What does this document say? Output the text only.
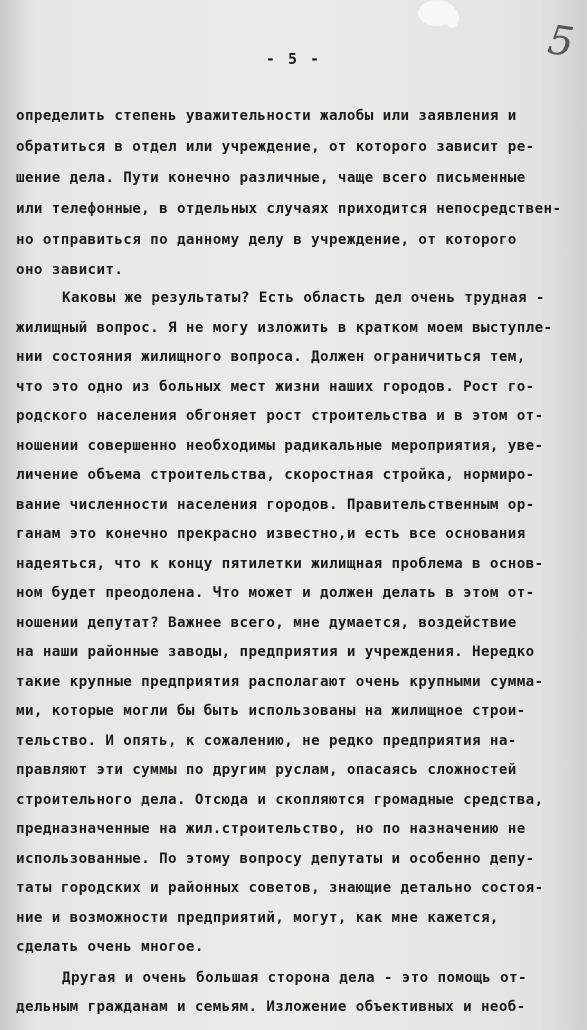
5
- 5 -
определить степень уважительности жалобы или заявления и
обратиться в отдел или учреждение, от которого зависит ре-
шение дела. Пути конечно различные, чаще всего письменные
или телефонные, в отдельных случаях приходится непосредствен-
но отправиться по данному делу в учреждение, от которого
оно зависит.
Каковы же результаты? Есть область дел очень трудная -
жилищный вопрос. Я не могу изложить в кратком моем выступле-
нии состояния жилищного вопроса. Должен ограничиться тем,
что это одно из больных мест жизни наших городов. Рост го-
родского населения обгоняет рост строительства и в этом от-
ношении совершенно необходимы радикальные мероприятия, уве-
личение объема строительства, скоростная стройка, нормиро-
вание численности населения городов. Правительственным ор-
ганам это конечно прекрасно известно,и есть все основания
надеяться, что к концу пятилетки жилищная проблема в основ-
ном будет преодолена. Что может и должен делать в этом от-
ношении депутат? Важнее всего, мне думается, воздействие
на наши районные заводы, предприятия и учреждения. Нередко
такие крупные предприятия располагают очень крупными сумма-
ми, которые могли бы быть использованы на жилищное строи-
тельство. И опять, к сожалению, не редко предприятия на-
правляют эти суммы по другим руслам, опасаясь сложностей
строительного дела. Отсюда и скопляются громадные средства,
предназначенные на жил.строительство, но по назначению не
использованные. По этому вопросу депутаты и особенно депу-
таты городских и районных советов, знающие детально состоя-
ние и возможности предприятий, могут, как мне кажется,
сделать очень многое.
Другая и очень большая сторона дела - это помощь от-
дельным гражданам и семьям. Изложение объективных и необ-
